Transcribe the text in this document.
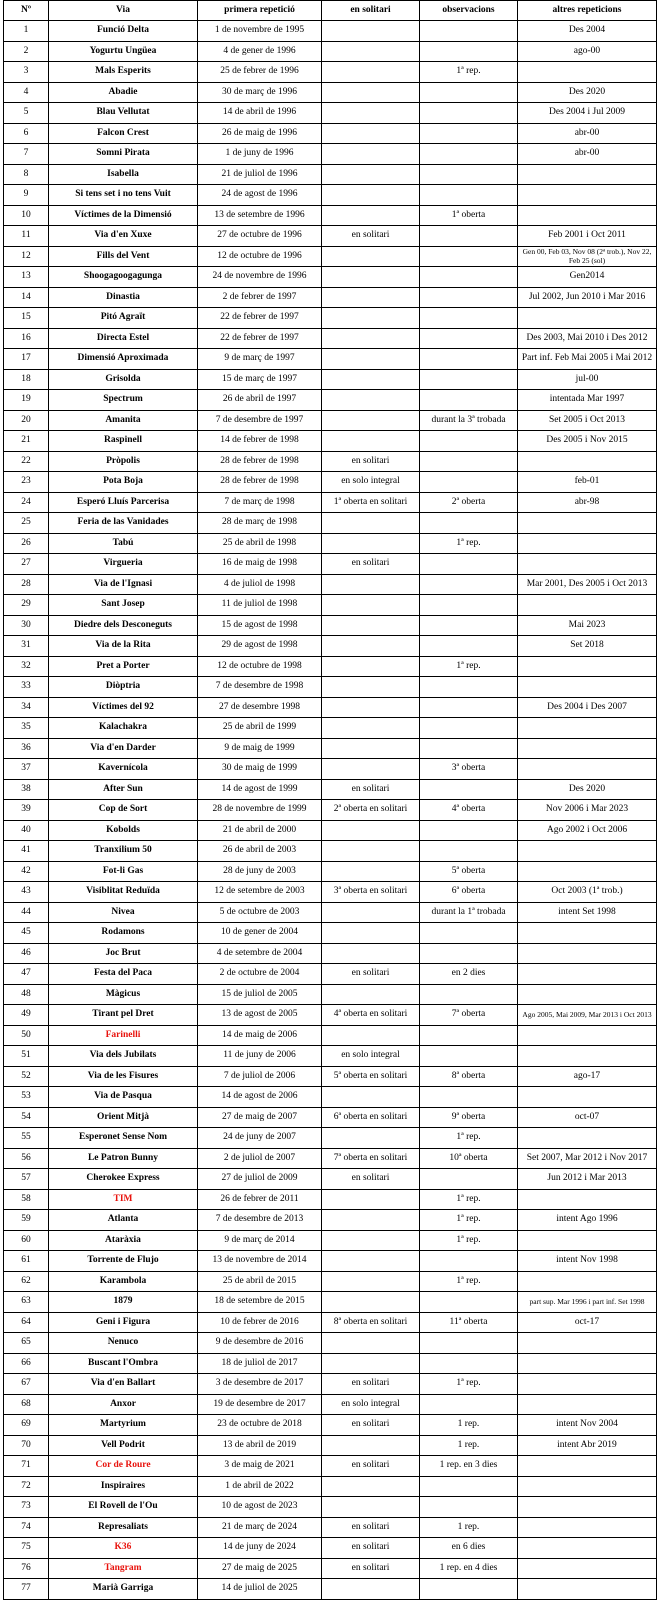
Nº	Via	primera repetició	en solitari	observacions	altres repeticions
1	Funció Delta	1 de novembre de 1995			Des 2004
2	Yogurtu Ungüea	4 de gener de 1996			ago-00
3	Mals Esperits	25 de febrer de 1996		1ª rep.	
4	Abadie	30 de març de 1996			Des 2020
5	Blau Vellutat	14 de abril de 1996			Des 2004 i Jul 2009
6	Falcon Crest	26 de maig de 1996			abr-00
7	Somni Pirata	1 de juny de 1996			abr-00
8	Isabella	21 de juliol de 1996			
9	Si tens set i no tens Vuit	24 de agost de 1996			
10	Víctimes de la Dimensió	13 de setembre de 1996		1ª oberta	
11	Via d'en Xuxe	27 de octubre de 1996	en solitari		Feb 2001 i Oct 2011
12	Fills del Vent	12 de octubre de 1996			Gen 00, Feb 03, Nov 08 (2ª trob.), Nov 22, Feb 25 (sol)
13	Shoogagoogagunga	24 de novembre de 1996			Gen2014
14	Dinastia	2 de febrer de 1997			Jul 2002, Jun 2010 i Mar 2016
15	Pitó Agraït	22 de febrer de 1997			
16	Directa Estel	22 de febrer de 1997			Des 2003, Mai 2010 i Des 2012
17	Dimensió Aproximada	9 de març de 1997			Part inf. Feb Mai 2005 i Mai 2012
18	Grisolda	15 de març de 1997			jul-00
19	Spectrum	26 de abril de 1997			intentada Mar 1997
20	Amanita	7 de desembre de 1997		durant la 3ª trobada	Set 2005 i Oct 2013
21	Raspinell	14 de febrer de 1998			Des 2005 i Nov 2015
22	Pròpolis	28 de febrer de 1998	en solitari		
23	Pota Boja	28 de febrer de 1998	en solo integral		feb-01
24	Esperó Lluís Parcerisa	7 de març de 1998	1ª oberta en solitari	2ª oberta	abr-98
25	Feria de las Vanidades	28 de març de 1998			
26	Tabú	25 de abril de 1998		1ª rep.	
27	Virgueria	16 de maig de 1998	en solitari		
28	Via de l'Ignasi	4 de juliol de 1998			Mar 2001, Des 2005 i Oct 2013
29	Sant Josep	11 de juliol de 1998			
30	Diedre dels Desconeguts	15 de agost de 1998			Mai 2023
31	Via de la Rita	29 de agost de 1998			Set 2018
32	Pret a Porter	12 de octubre de 1998		1ª rep.	
33	Diòptria	7 de desembre de 1998			
34	Víctimes del 92	27 de desembre 1998			Des 2004 i Des 2007
35	Kalachakra	25 de abril de 1999			
36	Via d'en Darder	9 de maig de 1999			
37	Kavernícola	30 de maig de 1999		3ª oberta	
38	After Sun	14 de agost de 1999	en solitari		Des 2020
39	Cop de Sort	28 de novembre de 1999	2ª oberta en solitari	4ª oberta	Nov 2006 i Mar 2023
40	Kobolds	21 de abril de 2000			Ago 2002 i Oct 2006
41	Tranxilium 50	26 de abril de 2003			
42	Fot-li Gas	28 de juny de 2003		5ª oberta	
43	Visiblitat Reduïda	12 de setembre de 2003	3ª oberta en solitari	6ª oberta	Oct 2003 (1ª trob.)
44	Nivea	5 de octubre de 2003		durant la 1ª trobada	intent Set 1998
45	Rodamons	10 de gener de 2004			
46	Joc Brut	4 de setembre de 2004			
47	Festa del Paca	2 de octubre de 2004	en solitari	en 2 dies	
48	Màgicus	15 de juliol de 2005			
49	Tirant pel Dret	13 de agost de 2005	4ª oberta en solitari	7ª oberta	Ago 2005, Mai 2009, Mar 2013 i Oct 2013
50	Farinelli	14 de maig de 2006			
51	Via dels Jubilats	11 de juny de 2006	en solo integral		
52	Via de les Fisures	7 de juliol de 2006	5ª oberta en solitari	8ª oberta	ago-17
53	Via de Pasqua	14 de agost de 2006			
54	Orient Mitjà	27 de maig de 2007	6ª oberta en solitari	9ª oberta	oct-07
55	Esperonet Sense Nom	24 de juny de 2007		1ª rep.	
56	Le Patron Bunny	2 de juliol de 2007	7ª oberta en solitari	10ª oberta	Set 2007, Mar 2012 i Nov 2017
57	Cherokee Express	27 de juliol de 2009	en solitari		Jun 2012 i Mar 2013
58	TIM	26 de febrer de 2011		1ª rep.	
59	Atlanta	7 de desembre de 2013		1ª rep.	intent Ago 1996
60	Ataràxia	9 de març de 2014		1ª rep.	
61	Torrente de Flujo	13 de novembre de 2014			intent Nov 1998
62	Karambola	25 de abril de 2015		1ª rep.	
63	1879	18 de setembre de 2015			part sup. Mar 1996 i part inf. Set 1998
64	Geni i Figura	10 de febrer de 2016	8ª oberta en solitari	11ª oberta	oct-17
65	Nenuco	9 de desembre de 2016			
66	Buscant l'Ombra	18 de juliol de 2017			
67	Via d'en Ballart	3 de desembre de 2017	en solitari	1ª rep.	
68	Anxor	19 de desembre de 2017	en solo integral		
69	Martyrium	23 de octubre de 2018	en solitari	1 rep.	intent Nov 2004
70	Vell Podrit	13 de abril de 2019		1 rep.	intent Abr 2019
71	Cor de Roure	3 de maig de 2021	en solitari	1 rep. en 3 dies	
72	Inspiraires	1 de abril de 2022			
73	El Rovell de l'Ou	10 de agost de 2023			
74	Represaliats	21 de març de 2024	en solitari	1 rep.	
75	K36	14 de juny de 2024	en solitari	en 6 dies	
76	Tangram	27 de maig de 2025	en solitari	1 rep. en 4 dies	
77	Marià Garriga	14 de juliol de 2025			
